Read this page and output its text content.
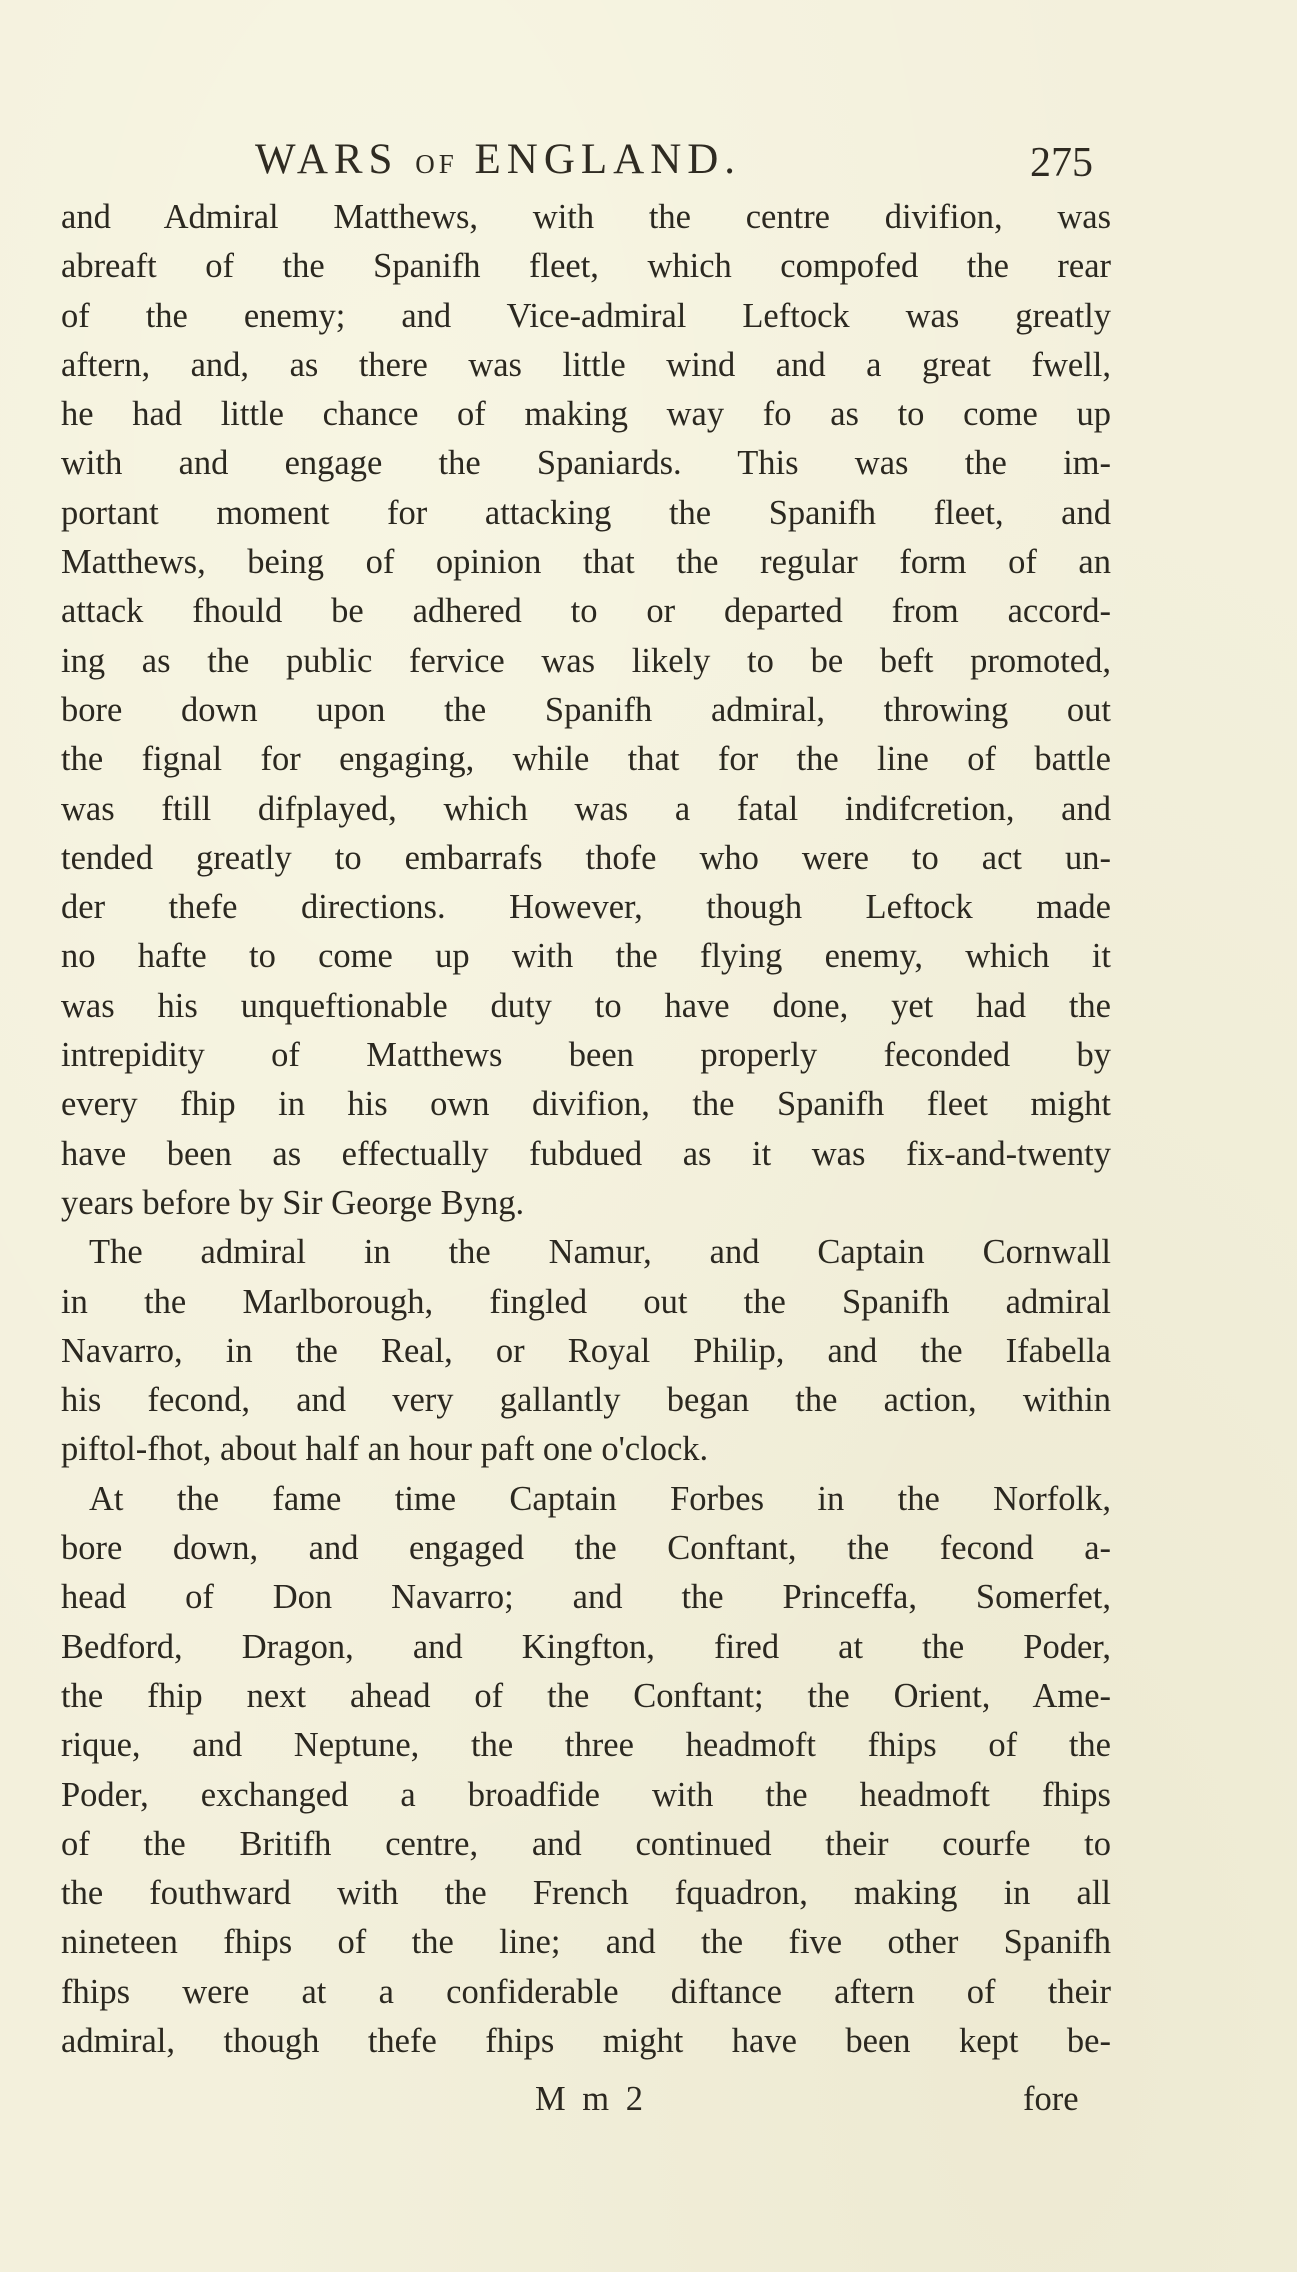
WARS OF ENGLAND.	275
and Admiral Matthews, with the centre divifion, was
abreaft of the Spanifh fleet, which compofed the rear
of the enemy; and Vice-admiral Leftock was greatly
aftern, and, as there was little wind and a great fwell,
he had little chance of making way fo as to come up
with and engage the Spaniards. This was the im-
portant moment for attacking the Spanifh fleet, and
Matthews, being of opinion that the regular form of an
attack fhould be adhered to or departed from accord-
ing as the public fervice was likely to be beft promoted,
bore down upon the Spanifh admiral, throwing out
the fignal for engaging, while that for the line of battle
was ftill difplayed, which was a fatal indifcretion, and
tended greatly to embarrafs thofe who were to act un-
der thefe directions. However, though Leftock made
no hafte to come up with the flying enemy, which it
was his unqueftionable duty to have done, yet had the
intrepidity of Matthews been properly feconded by
every fhip in his own divifion, the Spanifh fleet might
have been as effectually fubdued as it was fix-and-twenty
years before by Sir George Byng.
The admiral in the Namur, and Captain Cornwall
in the Marlborough, fingled out the Spanifh admiral
Navarro, in the Real, or Royal Philip, and the Ifabella
his fecond, and very gallantly began the action, within
piftol-fhot, about half an hour paft one o'clock.
At the fame time Captain Forbes in the Norfolk,
bore down, and engaged the Conftant, the fecond a-
head of Don Navarro; and the Princeffa, Somerfet,
Bedford, Dragon, and Kingfton, fired at the Poder,
the fhip next ahead of the Conftant; the Orient, Ame-
rique, and Neptune, the three headmoft fhips of the
Poder, exchanged a broadfide with the headmoft fhips
of the Britifh centre, and continued their courfe to
the fouthward with the French fquadron, making in all
nineteen fhips of the line; and the five other Spanifh
fhips were at a confiderable diftance aftern of their
admiral, though thefe fhips might have been kept be-
M m 2	fore
